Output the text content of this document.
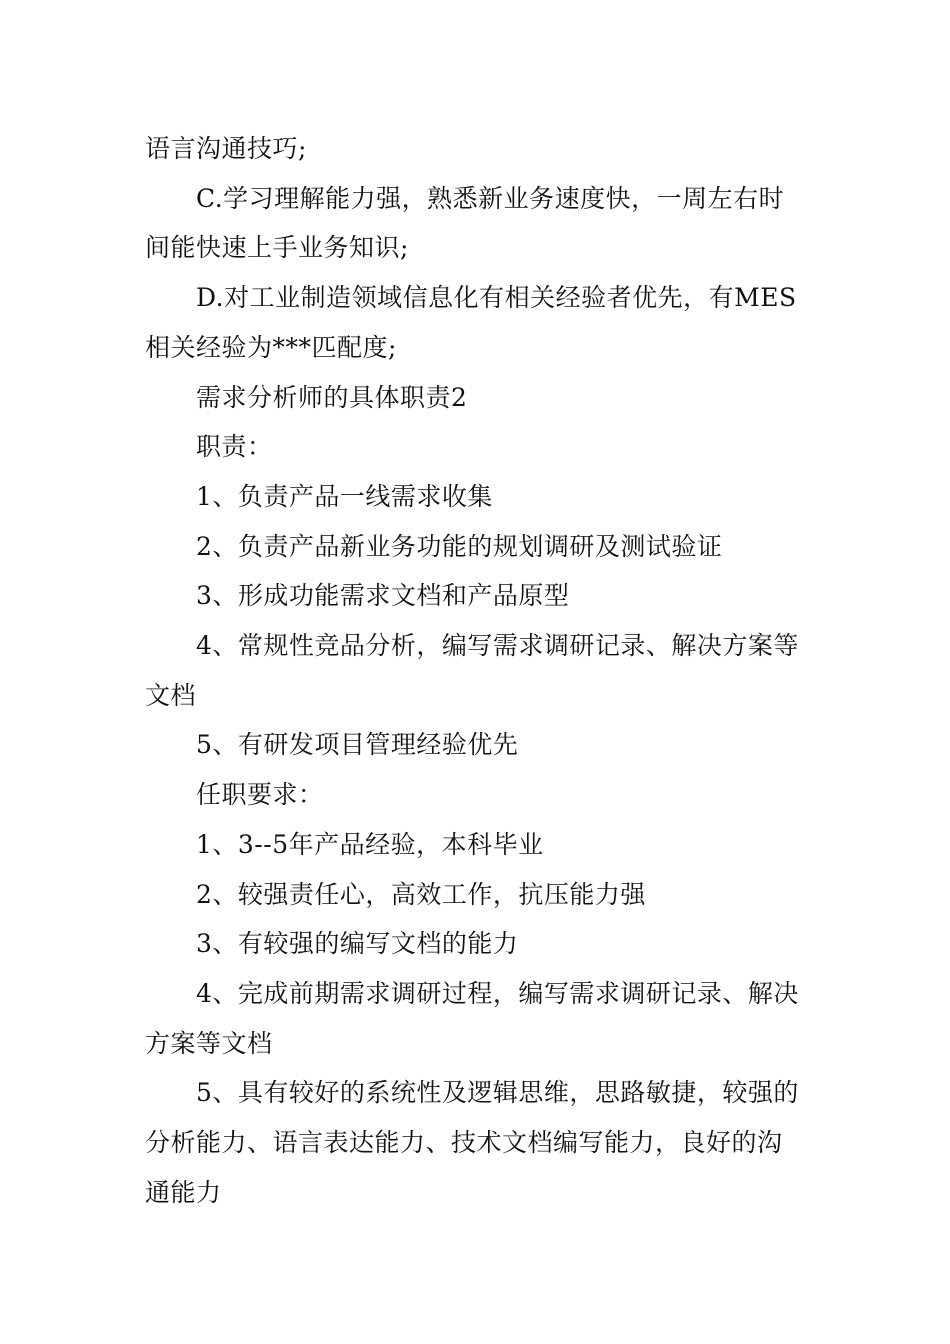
语言沟通技巧;

C.学习理解能力强，熟悉新业务速度快，一周左右时间能快速上手业务知识;

D.对工业制造领域信息化有相关经验者优先，有MES相关经验为***匹配度;

需求分析师的具体职责2

职责：

1、负责产品一线需求收集

2、负责产品新业务功能的规划调研及测试验证

3、形成功能需求文档和产品原型

4、常规性竞品分析，编写需求调研记录、解决方案等文档

5、有研发项目管理经验优先

任职要求：

1、3--5年产品经验，本科毕业

2、较强责任心，高效工作，抗压能力强

3、有较强的编写文档的能力

4、完成前期需求调研过程，编写需求调研记录、解决方案等文档

5、具有较好的系统性及逻辑思维，思路敏捷，较强的分析能力、语言表达能力、技术文档编写能力，良好的沟通能力
